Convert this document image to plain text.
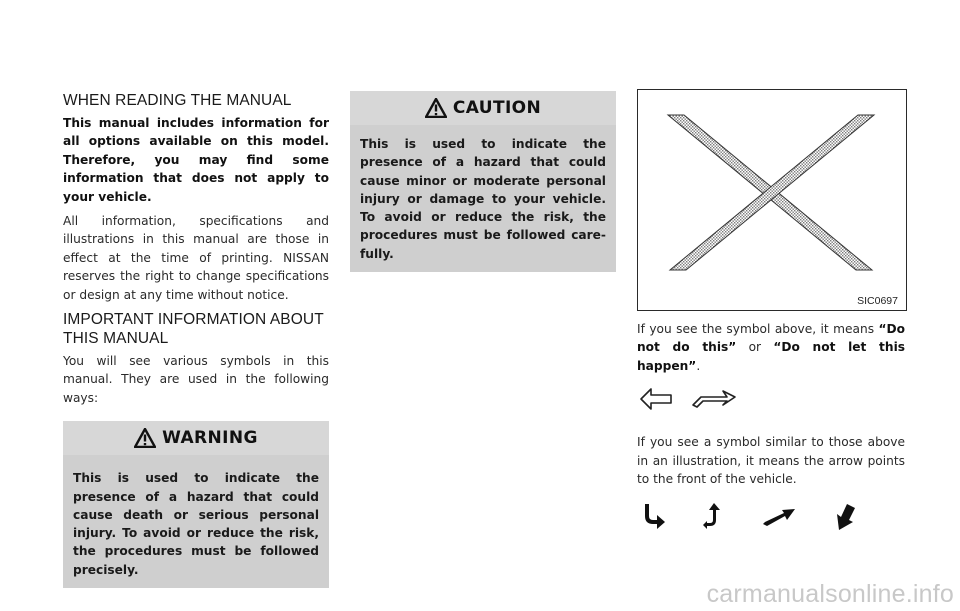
WHEN READING THE MANUAL

This manual includes information for all options available on this model. Therefore, you may find some information that does not apply to your vehicle.

All information, specifications and illustrations in this manual are those in effect at the time of printing. NISSAN reserves the right to change specifications or design at any time without notice.

IMPORTANT INFORMATION ABOUT
THIS MANUAL

You will see various symbols in this manual. They are used in the following ways:

WARNING

This is used to indicate the presence of a hazard that could cause death or serious personal injury. To avoid or reduce the risk, the procedures must be followed precisely.

CAUTION

This is used to indicate the presence of a hazard that could cause minor or moderate personal injury or damage to your vehicle. To avoid or reduce the risk, the procedures must be followed care-fully.

SIC0697

If you see the symbol above, it means “Do not do this” or “Do not let this happen”.

If you see a symbol similar to those above in an illustration, it means the arrow points to the front of the vehicle.

carmanualsonline.info
